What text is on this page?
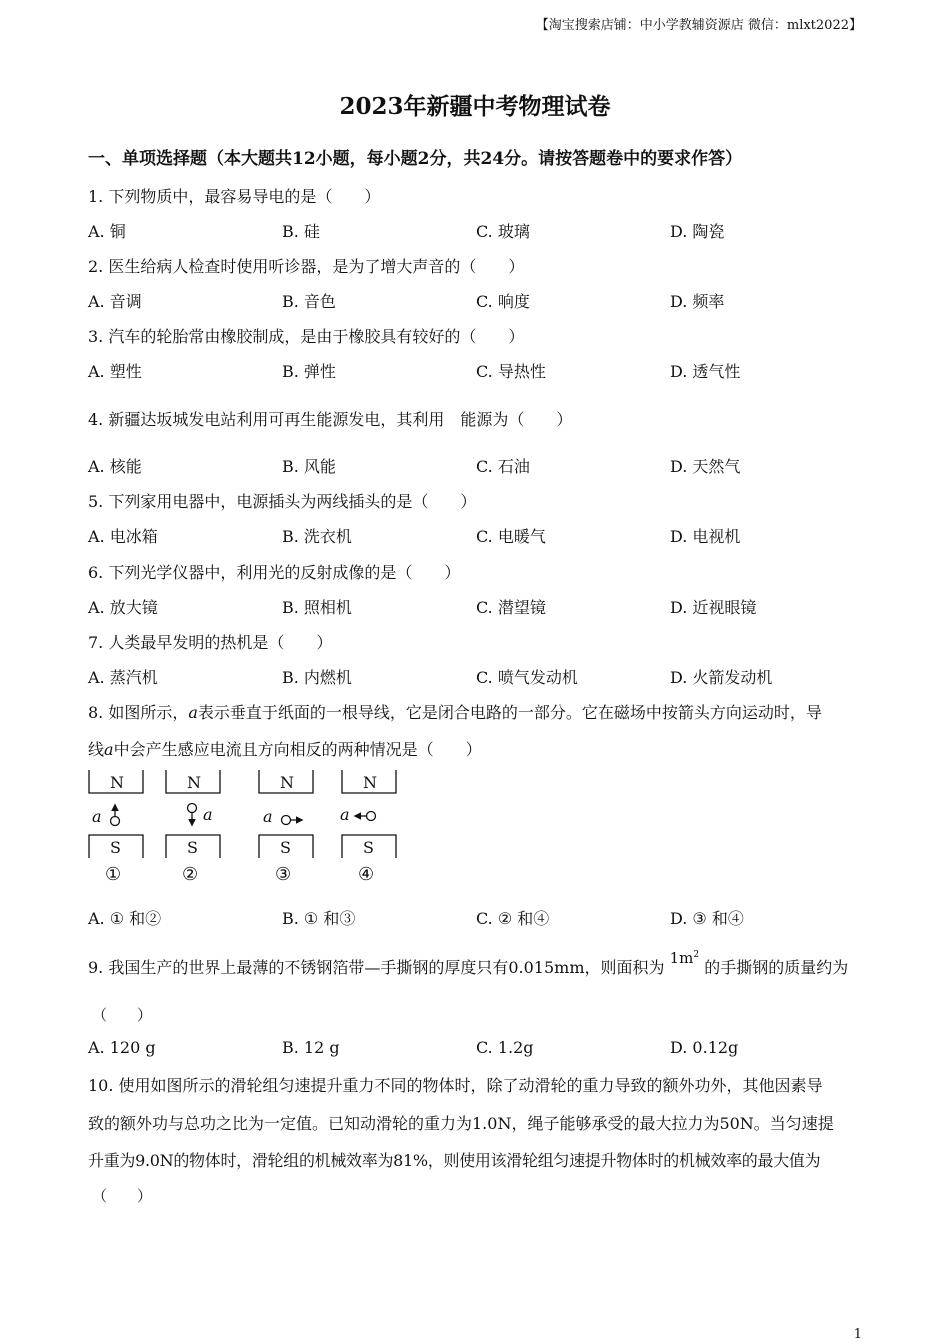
【淘宝搜索店铺：中小学教辅资源店 微信：mlxt2022】
2023年新疆中考物理试卷
一、单项选择题（本大题共12小题，每小题2分，共24分。请按答题卷中的要求作答）
1. 下列物质中，最容易导电的是（　　）
A. 铜	B. 硅	C. 玻璃	D. 陶瓷
2. 医生给病人检查时使用听诊器，是为了增大声音的（　　）
A. 音调	B. 音色	C. 响度	D. 频率
3. 汽车的轮胎常由橡胶制成，是由于橡胶具有较好的（　　）
A. 塑性	B. 弹性	C. 导热性	D. 透气性
4. 新疆达坂城发电站利用可再生能源发电，其利用　能源为（　　）
A. 核能	B. 风能	C. 石油	D. 天然气
5. 下列家用电器中，电源插头为两线插头的是（　　）
A. 电冰箱	B. 洗衣机	C. 电暖气	D. 电视机
6. 下列光学仪器中，利用光的反射成像的是（　　）
A. 放大镜	B. 照相机	C. 潜望镜	D. 近视眼镜
7. 人类最早发明的热机是（　　）
A. 蒸汽机	B. 内燃机	C. 喷气发动机	D. 火箭发动机
8. 如图所示，a表示垂直于纸面的一根导线，它是闭合电路的一部分。它在磁场中按箭头方向运动时，导
线a中会产生感应电流且方向相反的两种情况是（　　）
N	N	N	N
S	S	S	S
a	a	a	a
①	②	③	④
A. ① 和②	B. ① 和③	C. ② 和④	D. ③ 和④
9. 我国生产的世界上最薄的不锈钢箔带—手撕钢的厚度只有0.015mm，则面积为 $1m^2$ 的手撕钢的质量约为
（　　）
A. 120 g	B. 12 g	C. 1.2g	D. 0.12g
10. 使用如图所示的滑轮组匀速提升重力不同的物体时，除了动滑轮的重力导致的额外功外，其他因素导
致的额外功与总功之比为一定值。已知动滑轮的重力为1.0N，绳子能够承受的最大拉力为50N。当匀速提
升重为9.0N的物体时，滑轮组的机械效率为81%，则使用该滑轮组匀速提升物体时的机械效率的最大值为
（　　）
1
